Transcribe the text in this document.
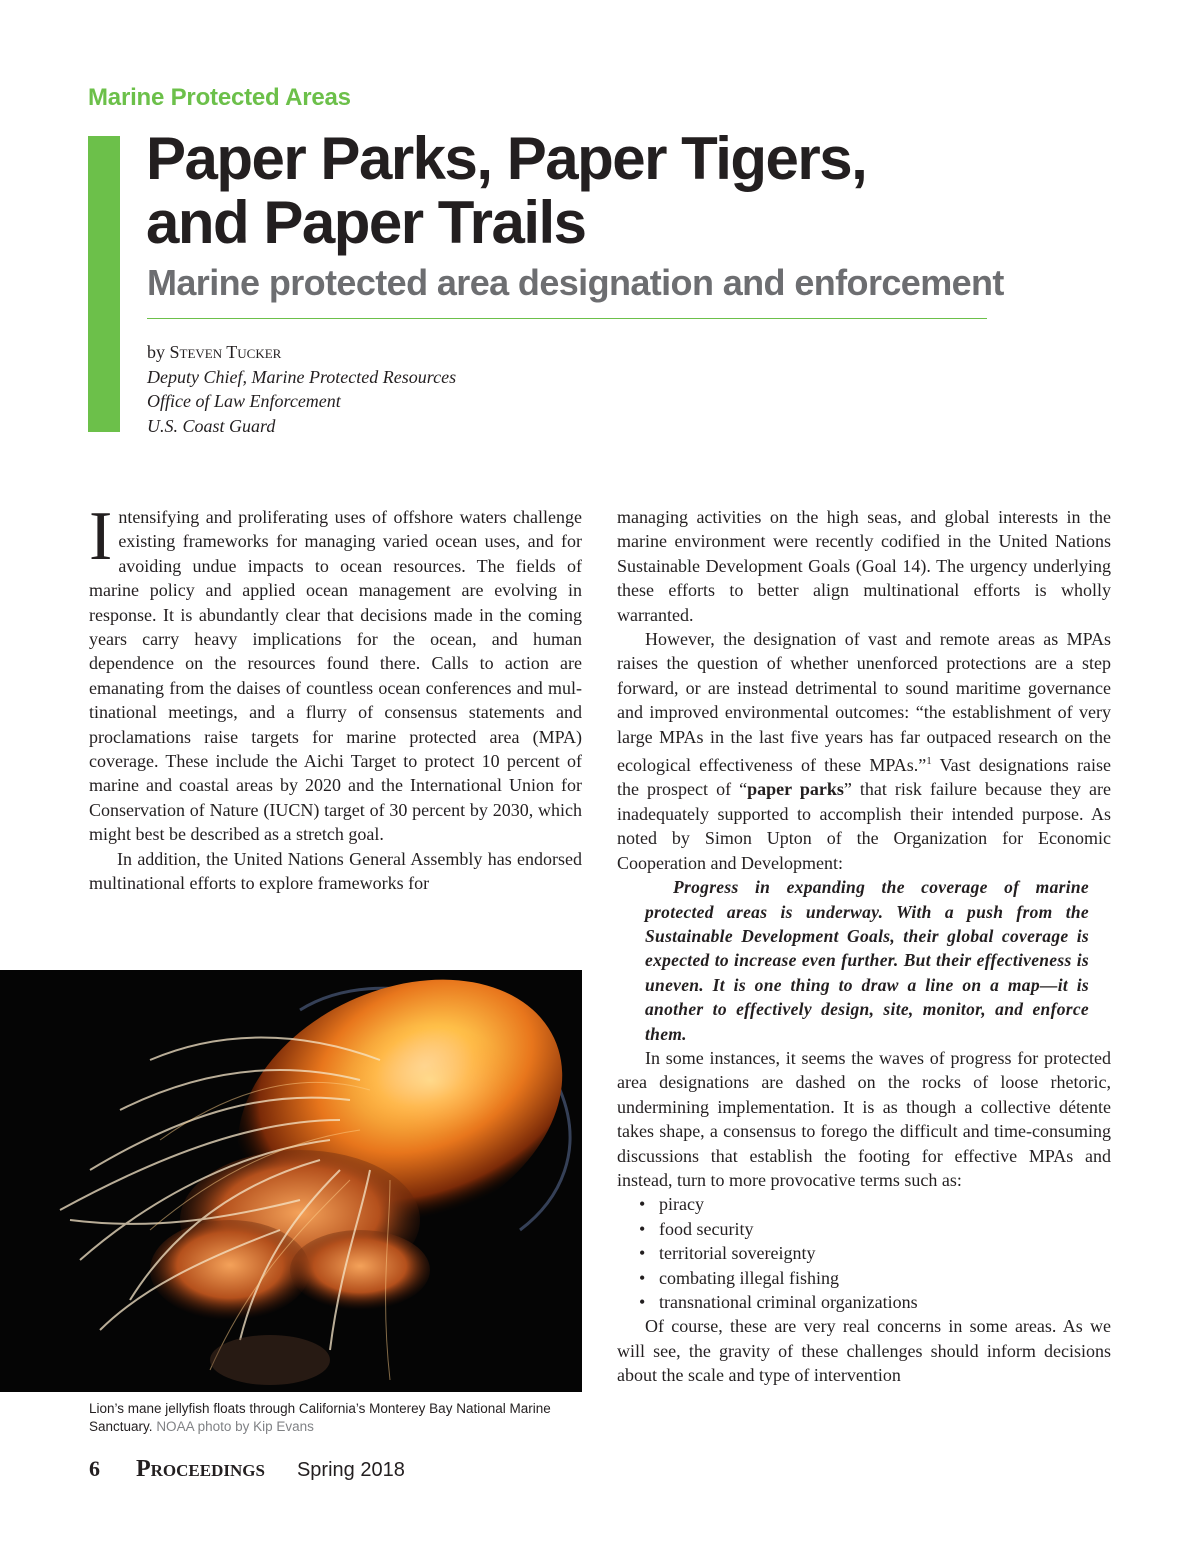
Marine Protected Areas
Paper Parks, Paper Tigers,
and Paper Trails
Marine protected area designation and enforcement
by Steven Tucker
Deputy Chief, Marine Protected Resources
Office of Law Enforcement
U.S. Coast Guard

Intensifying and proliferating uses of offshore waters challenge existing frameworks for managing varied ocean uses, and for avoiding undue impacts to ocean resources. The fields of marine policy and applied ocean management are evolving in response. It is abundantly clear that decisions made in the coming years carry heavy implications for the ocean, and human dependence on the resources found there. Calls to action are emanating from the daises of countless ocean conferences and multinational meetings, and a flurry of consensus statements and proclamations raise targets for marine protected area (MPA) coverage. These include the Aichi Target to protect 10 percent of marine and coastal areas by 2020 and the International Union for Conservation of Nature (IUCN) target of 30 percent by 2030, which might best be described as a stretch goal.

In addition, the United Nations General Assembly has endorsed multinational efforts to explore frameworks for

Lion’s mane jellyfish floats through California’s Monterey Bay National Marine Sanctuary. NOAA photo by Kip Evans

managing activities on the high seas, and global interests in the marine environment were recently codified in the United Nations Sustainable Development Goals (Goal 14). The urgency underlying these efforts to better align multinational efforts is wholly warranted.

However, the designation of vast and remote areas as MPAs raises the question of whether unenforced protections are a step forward, or are instead detrimental to sound maritime governance and improved environmental outcomes: “the establishment of very large MPAs in the last five years has far outpaced research on the ecological effectiveness of these MPAs.”$^1$ Vast designations raise the prospect of “paper parks” that risk failure because they are inadequately supported to accomplish their intended purpose. As noted by Simon Upton of the Organization for Economic Cooperation and Development:

Progress in expanding the coverage of marine protected areas is underway. With a push from the Sustainable Development Goals, their global coverage is expected to increase even further. But their effectiveness is uneven. It is one thing to draw a line on a map—it is another to effectively design, site, monitor, and enforce them.

In some instances, it seems the waves of progress for protected area designations are dashed on the rocks of loose rhetoric, undermining implementation. It is as though a collective détente takes shape, a consensus to forego the difficult and time-consuming discussions that establish the footing for effective MPAs and instead, turn to more provocative terms such as:

• piracy
• food security
• territorial sovereignty
• combating illegal fishing
• transnational criminal organizations

Of course, these are very real concerns in some areas. As we will see, the gravity of these challenges should inform decisions about the scale and type of intervention

6 Proceedings Spring 2018
